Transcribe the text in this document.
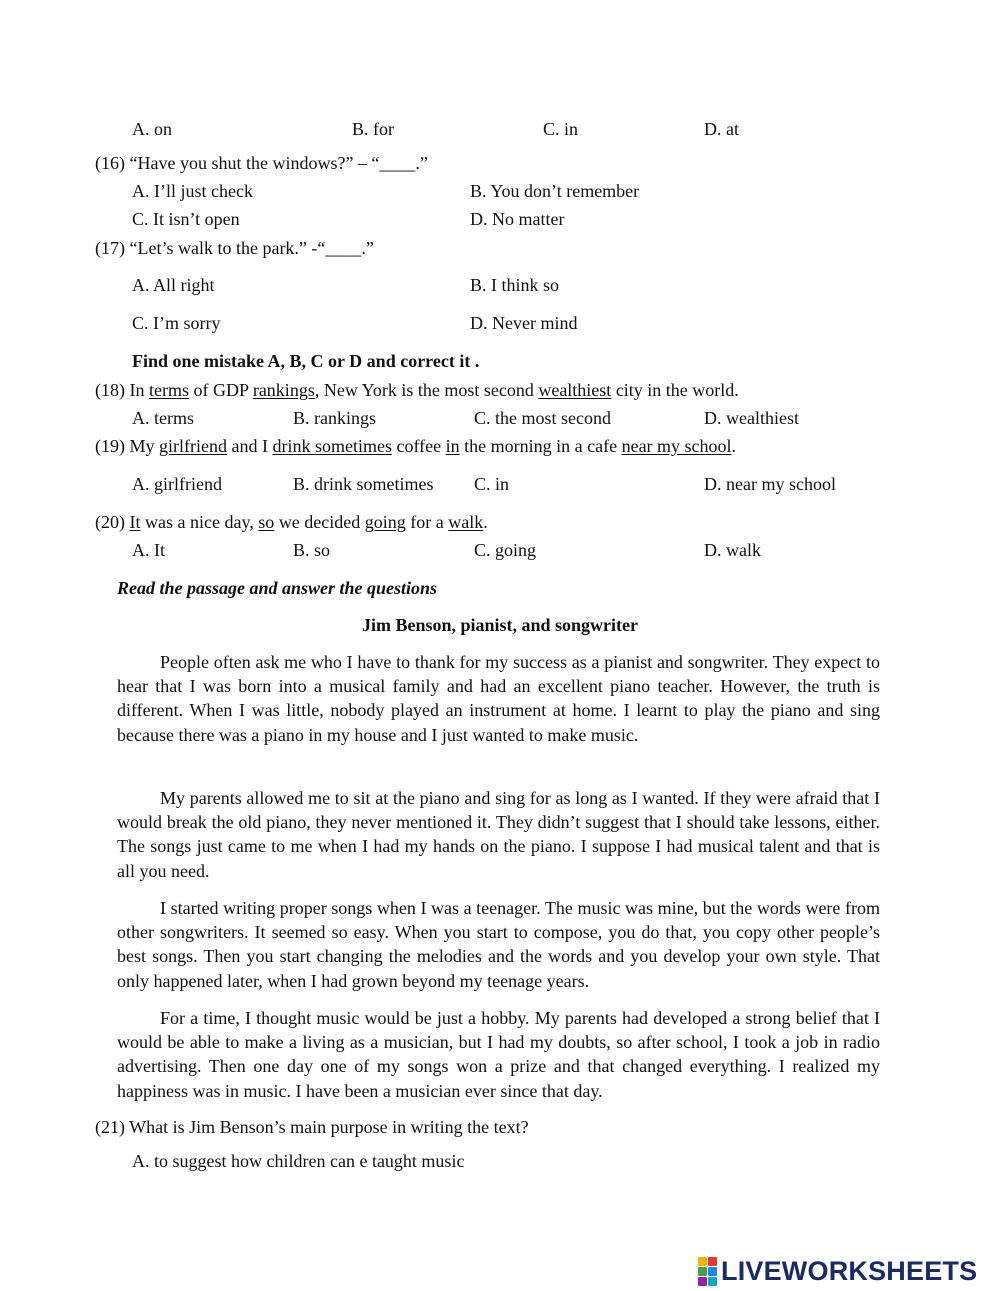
A. on	B. for	C. in	D. at
(16) “Have you shut the windows?” – “____.”
A. I’ll just check	B. You don’t remember
C. It isn’t open	D. No matter
(17) “Let’s walk to the park.” -“____.”
A. All right	B. I think so
C. I’m sorry	D. Never mind
Find one mistake A, B, C or D and correct it .
(18) In terms of GDP rankings, New York is the most second wealthiest city in the world.
A. terms	B. rankings	C. the most second	D. wealthiest
(19) My girlfriend and I drink sometimes coffee in the morning in a cafe near my school.
A. girlfriend	B. drink sometimes C. in	D. near my school
(20) It was a nice day, so we decided going for a walk.
A. It	B. so	C. going	D. walk
Read the passage and answer the questions
Jim Benson, pianist, and songwriter

People often ask me who I have to thank for my success as a pianist and songwriter. They expect to hear that I was born into a musical family and had an excellent piano teacher. However, the truth is different. When I was little, nobody played an instrument at home. I learnt to play the piano and sing because there was a piano in my house and I just wanted to make music.

My parents allowed me to sit at the piano and sing for as long as I wanted. If they were afraid that I would break the old piano, they never mentioned it. They didn’t suggest that I should take lessons, either. The songs just came to me when I had my hands on the piano. I suppose I had musical talent and that is all you need.

I started writing proper songs when I was a teenager. The music was mine, but the words were from other songwriters. It seemed so easy. When you start to compose, you do that, you copy other people’s best songs. Then you start changing the melodies and the words and you develop your own style. That only happened later, when I had grown beyond my teenage years.

For a time, I thought music would be just a hobby. My parents had developed a strong belief that I would be able to make a living as a musician, but I had my doubts, so after school, I took a job in radio advertising. Then one day one of my songs won a prize and that changed everything. I realized my happiness was in music. I have been a musician ever since that day.

(21) What is Jim Benson’s main purpose in writing the text?
A. to suggest how children can e taught music
LIVEWORKSHEETS
